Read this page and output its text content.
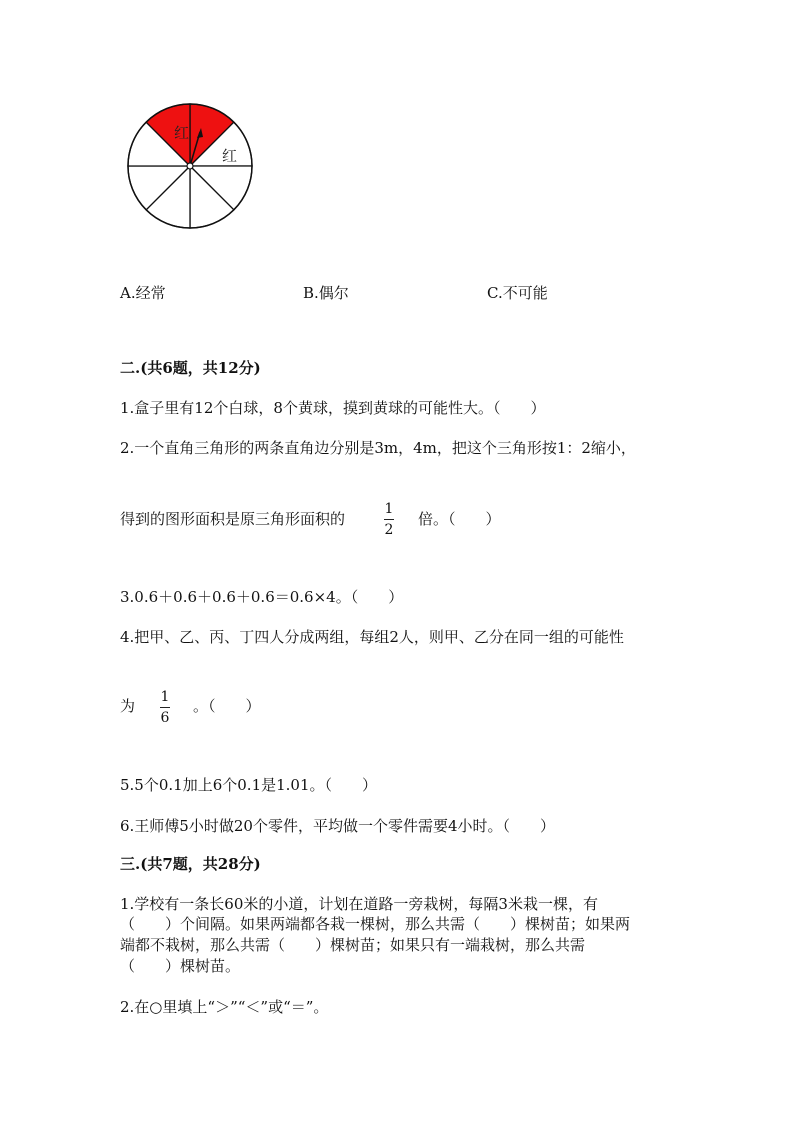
红
红
A.经常	B.偶尔	C.不可能
二.(共6题，共12分)
1.盒子里有12个白球，8个黄球，摸到黄球的可能性大。（　　）
2.一个直角三角形的两条直角边分别是3m，4m，把这个三角形按1：2缩小，
得到的图形面积是原三角形面积的
1
2
倍。（　　）
3.0.6＋0.6＋0.6＋0.6＝0.6×4。（　　）
4.把甲、乙、丙、丁四人分成两组，每组2人，则甲、乙分在同一组的可能性
为 1
6
。（　　）
5.5个0.1加上6个0.1是1.01。（　　）
6.王师傅5小时做20个零件，平均做一个零件需要4小时。（　　）
三.(共7题，共28分)
1.学校有一条长60米的小道，计划在道路一旁栽树，每隔3米栽一棵，有
（　　）个间隔。如果两端都各栽一棵树，那么共需（　　）棵树苗；如果两
端都不栽树，那么共需（　　）棵树苗；如果只有一端栽树，那么共需
（　　）棵树苗。
2.在○里填上“＞”“＜”或“＝”。
